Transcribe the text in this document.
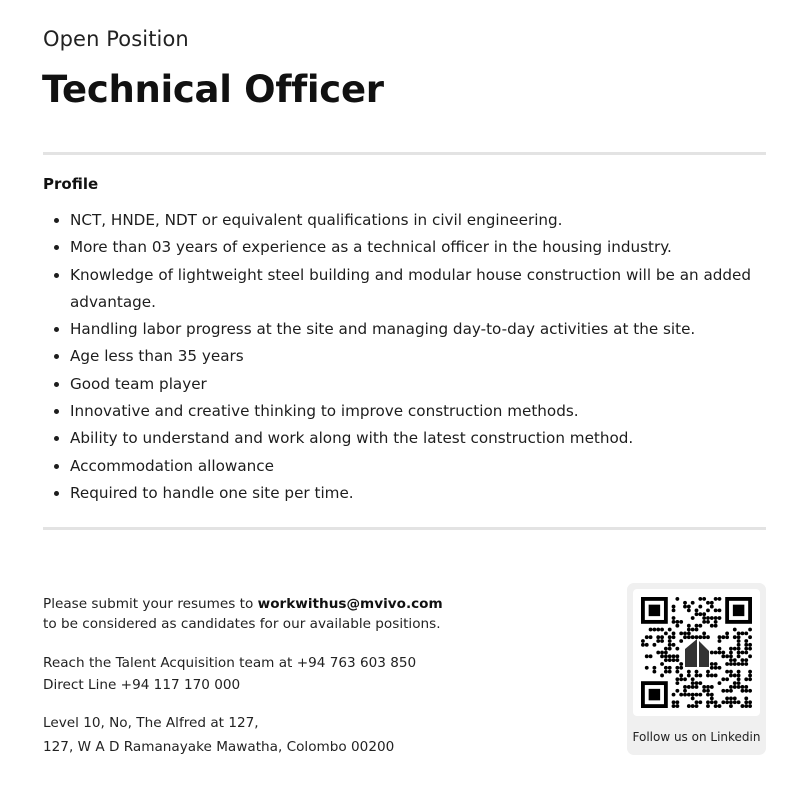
Open Position
Technical Officer
Profile
NCT, HNDE, NDT or equivalent qualifications in civil engineering.
More than 03 years of experience as a technical officer in the housing industry.
Knowledge of lightweight steel building and modular house construction will be an added advantage.
Handling labor progress at the site and managing day-to-day activities at the site.
Age less than 35 years
Good team player
Innovative and creative thinking to improve construction methods.
Ability to understand and work along with the latest construction method.
Accommodation allowance
Required to handle one site per time.
Please submit your resumes to workwithus@mvivo.com
to be considered as candidates for our available positions.
Reach the Talent Acquisition team at +94 763 603 850
Direct Line +94 117 170 000
Level 10, No, The Alfred at 127,
127, W A D Ramanayake Mawatha, Colombo 00200
Follow us on Linkedin
